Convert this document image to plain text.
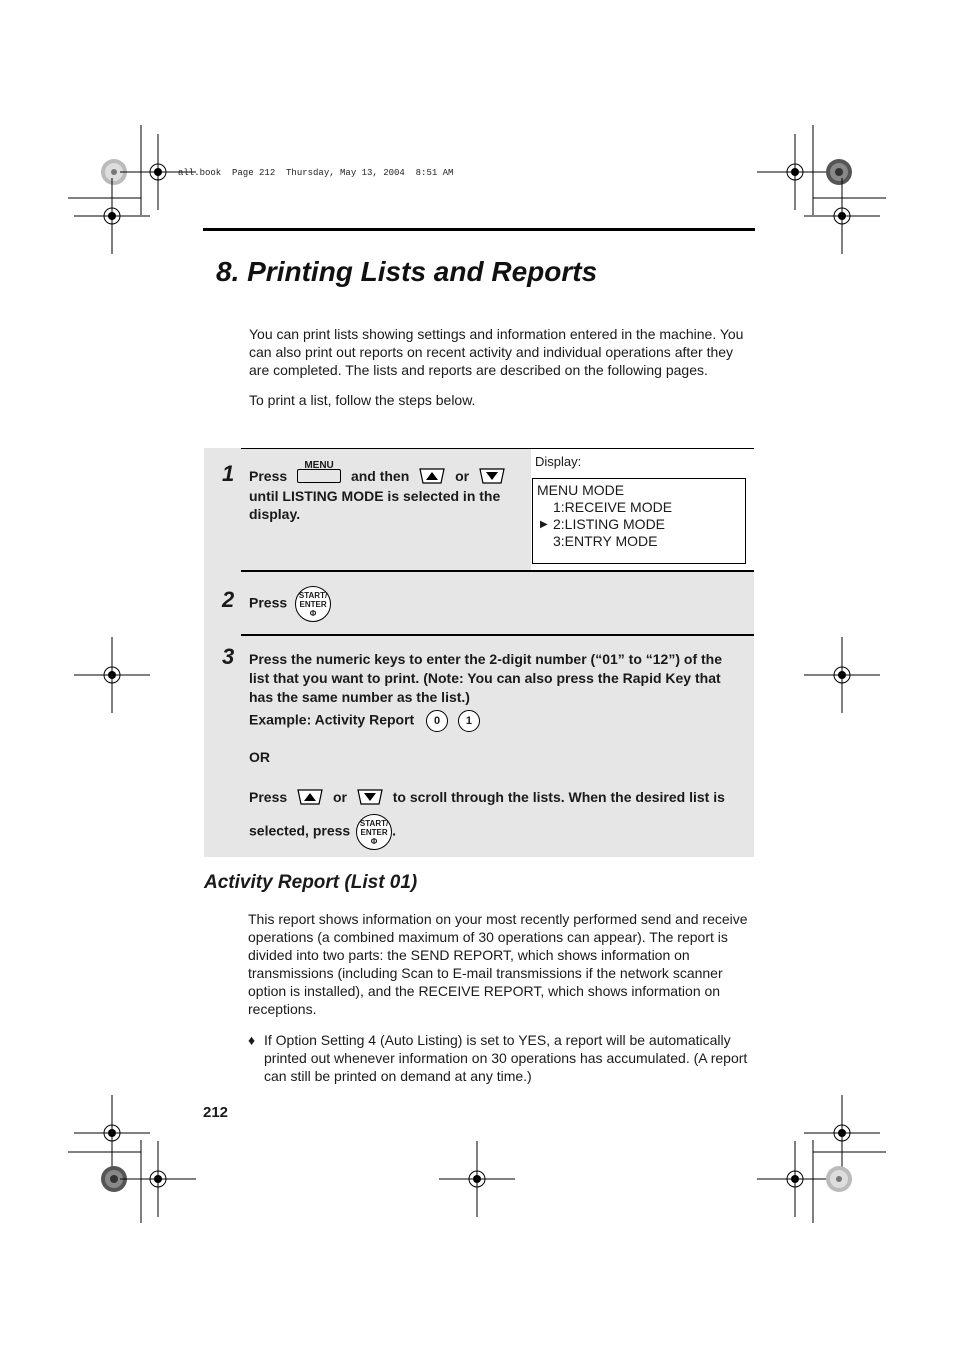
all.book  Page 212  Thursday, May 13, 2004  8:51 AM
8. Printing Lists and Reports

You can print lists showing settings and information entered in the machine. You can also print out reports on recent activity and individual operations after they are completed. The lists and reports are described on the following pages.

To print a list, follow the steps below.

1 Press
MENU
and then	or

until LISTING MODE is selected in the display.
Display:
MENU MODE
1:RECEIVE MODE
▶ 2:LISTING MODE
3:ENTRY MODE
2 Press	START/
ENTER
Φ
3 Press the numeric keys to enter the 2-digit number (“01” to “12”) of the list that you want to print. (Note: You can also press the Rapid Key that has the same number as the list.)
Example: Activity Report 0 1
OR
Press	or	to scroll through the lists. When the desired list is
selected, press	START/
ENTER
Φ
.
Activity Report (List 01)
This report shows information on your most recently performed send and receive operations (a combined maximum of 30 operations can appear). The report is divided into two parts: the SEND REPORT, which shows information on transmissions (including Scan to E-mail transmissions if the network scanner option is installed), and the RECEIVE REPORT, which shows information on receptions.
♦ If Option Setting 4 (Auto Listing) is set to YES, a report will be automatically printed out whenever information on 30 operations has accumulated. (A report can still be printed on demand at any time.)
212
